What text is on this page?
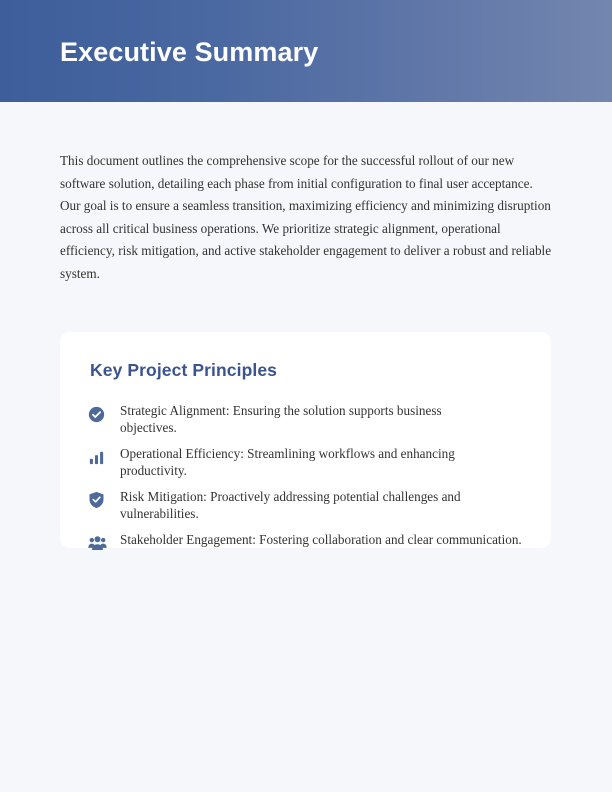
Executive Summary

This document outlines the comprehensive scope for the successful rollout of our new software solution, detailing each phase from initial configuration to final user acceptance. Our goal is to ensure a seamless transition, maximizing efficiency and minimizing disruption across all critical business operations. We prioritize strategic alignment, operational efficiency, risk mitigation, and active stakeholder engagement to deliver a robust and reliable system.

Key Project Principles
Strategic Alignment: Ensuring the solution supports business objectives.
Operational Efficiency: Streamlining workflows and enhancing productivity.
Risk Mitigation: Proactively addressing potential challenges and vulnerabilities.
Stakeholder Engagement: Fostering collaboration and clear communication.
